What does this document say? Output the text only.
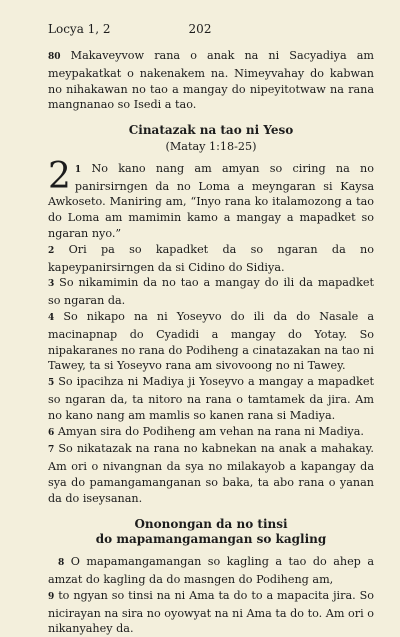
Locya 1, 2	202

80 Makaveyvow rana o anak na ni Sacyadiya am meypakatkat o nakenakem na. Nimeyvahay do kabwan no nihakawan no tao a mangay do nipeyitotwaw na rana mangnanao so Isedi a tao.

Cinatazak na tao ni Yeso
(Matay 1:18-25)

2 1 No kano nang am amyan so ciring na no panirsirngen da no Loma a meyngaran si Kaysa Awkoseto. Maniring am, “Inyo rana ko italamozong a tao do Loma am mamimin kamo a mangay a mapadket so ngaran nyo.”

2 Ori pa so kapadket da so ngaran da no kapeypanirsirngen da si Cidino do Sidiya.

3 So nikamimin da no tao a mangay do ili da mapadket so ngaran da.

4 So nikapo na ni Yoseyvo do ili da do Nasale a macinapnap do Cyadidi a mangay do Yotay. So nipakaranes no rana do Podiheng a cinatazakan na tao ni Tawey, ta si Yoseyvo rana am sivovoong no ni Tawey.

5 So ipacihza ni Madiya ji Yoseyvo a mangay a mapadket so ngaran da, ta nitoro na rana o tamtamek da jira. Am no kano nang am mamlis so kanen rana si Madiya.

6 Amyan sira do Podiheng am vehan na rana ni Madiya.

7 So nikatazak na rana no kabnekan na anak a mahakay. Am ori o nivangnan da sya no milakayob a kapangay da sya do pamangamanganan so baka, ta abo rana o yanan da do iseysanan.

Ononongan da no tinsi
do mapamangamangan so kagling

8 O mapamangamangan so kagling a tao do ahep a amzat do kagling da do masngen do Podiheng am,

9 to ngyan so tinsi na ni Ama ta do to a mapacita jira. So nicirayan na sira no oyowyat na ni Ama ta do to. Am ori o nikanyahey da.
